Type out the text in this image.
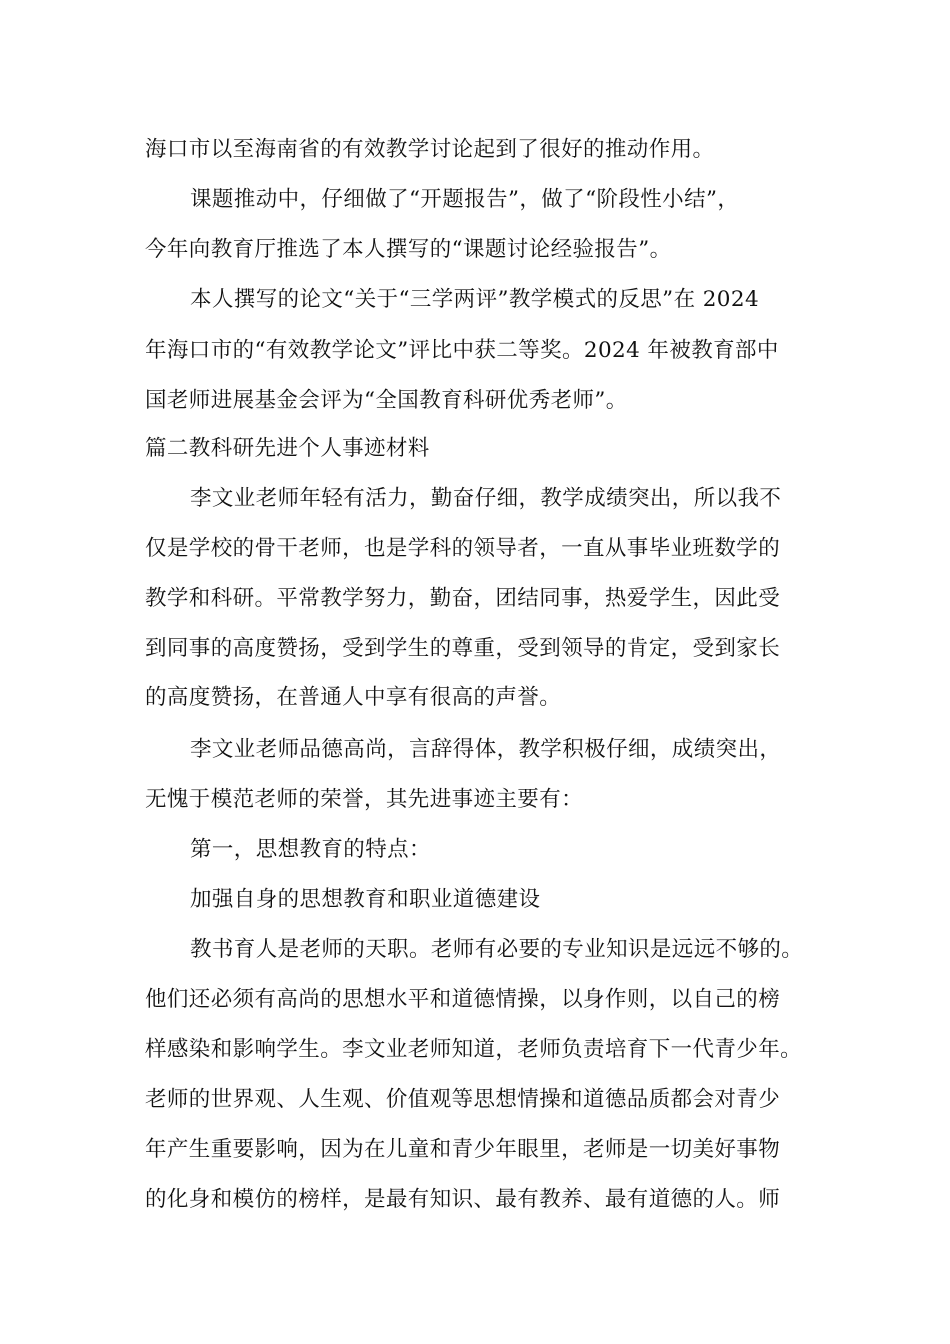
海口市以至海南省的有效教学讨论起到了很好的推动作用。
课题推动中，仔细做了“开题报告”，做了“阶段性小结”，
今年向教育厅推选了本人撰写的“课题讨论经验报告”。
本人撰写的论文“关于“三学两评”教学模式的反思”在 2024
年海口市的“有效教学论文”评比中获二等奖。2024 年被教育部中
国老师进展基金会评为“全国教育科研优秀老师”。
篇二教科研先进个人事迹材料
李文业老师年轻有活力，勤奋仔细，教学成绩突出，所以我不
仅是学校的骨干老师，也是学科的领导者，一直从事毕业班数学的
教学和科研。平常教学努力，勤奋，团结同事，热爱学生，因此受
到同事的高度赞扬，受到学生的尊重，受到领导的肯定，受到家长
的高度赞扬，在普通人中享有很高的声誉。
李文业老师品德高尚，言辞得体，教学积极仔细，成绩突出，
无愧于模范老师的荣誉，其先进事迹主要有：
第一，思想教育的特点：
加强自身的思想教育和职业道德建设
教书育人是老师的天职。老师有必要的专业知识是远远不够的。
他们还必须有高尚的思想水平和道德情操，以身作则，以自己的榜
样感染和影响学生。李文业老师知道，老师负责培育下一代青少年。
老师的世界观、人生观、价值观等思想情操和道德品质都会对青少
年产生重要影响，因为在儿童和青少年眼里，老师是一切美好事物
的化身和模仿的榜样，是最有知识、最有教养、最有道德的人。师
